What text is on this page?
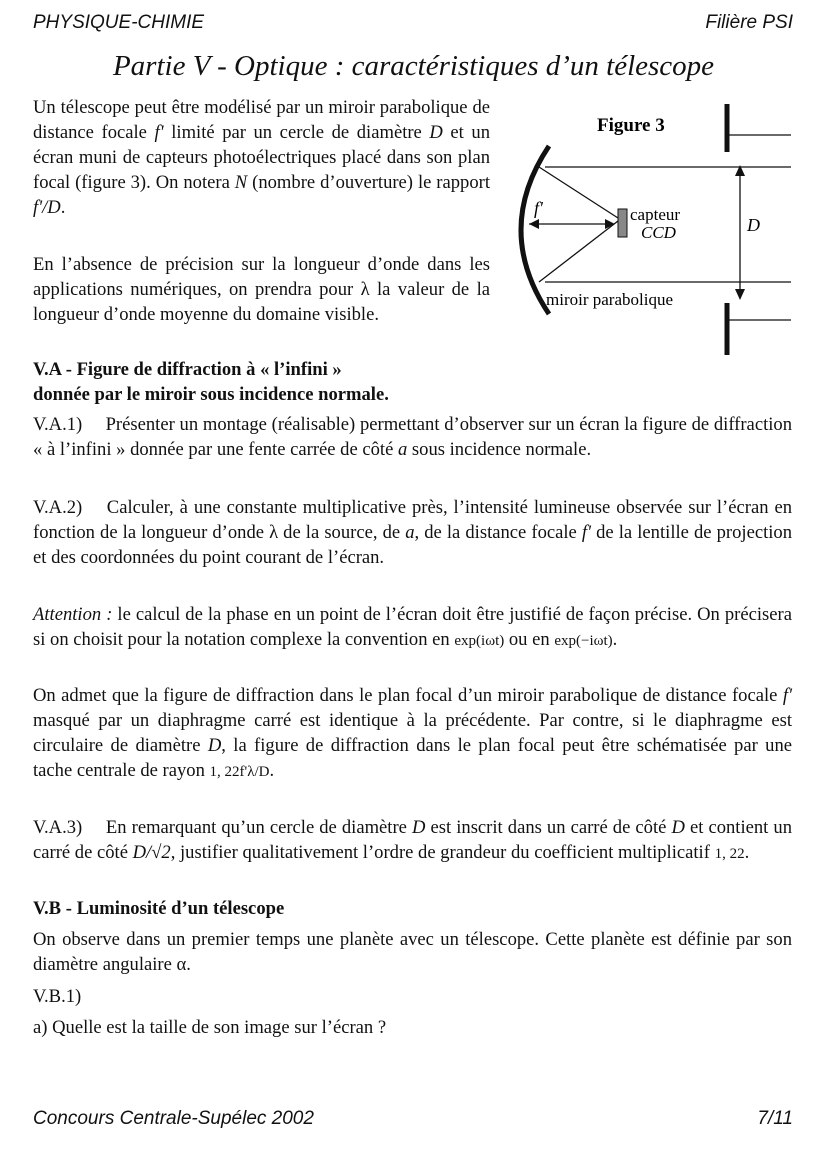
PHYSIQUE-CHIMIE	Filière PSI
Partie V - Optique : caractéristiques d’un télescope

Un télescope peut être modélisé par un miroir parabolique de distance focale f' limité par un cercle de diamètre D et un écran muni de capteurs photoélectriques placé dans son plan focal (figure 3). On notera N (nombre d’ouverture) le rapport f'/D.

En l’absence de précision sur la longueur d’onde dans les applications numériques, on prendra pour λ la valeur de la longueur d’onde moyenne du domaine visible.

Figure 3
f'	capteur
CCD	D
miroir parabolique

V.A - Figure de diffraction à « l’infini »

donnée par le miroir sous incidence normale.

V.A.1)  Présenter un montage (réalisable) permettant d’observer sur un écran la figure de diffraction « à l’infini » donnée par une fente carrée de côté a sous incidence normale.

V.A.2)  Calculer, à une constante multiplicative près, l’intensité lumineuse observée sur l’écran en fonction de la longueur d’onde λ de la source, de a, de la distance focale f' de la lentille de projection et des coordonnées du point courant de l’écran.

Attention : le calcul de la phase en un point de l’écran doit être justifié de façon précise. On précisera si on choisit pour la notation complexe la convention en exp(iωt) ou en exp(−iωt).

On admet que la figure de diffraction dans le plan focal d’un miroir parabolique de distance focale f' masqué par un diaphragme carré est identique à la précédente. Par contre, si le diaphragme est circulaire de diamètre D, la figure de diffraction dans le plan focal peut être schématisée par une tache centrale de rayon 1, 22f'λ/D.

V.A.3)  En remarquant qu’un cercle de diamètre D est inscrit dans un carré de côté D et contient un carré de côté D/√2, justifier qualitativement l’ordre de grandeur du coefficient multiplicatif 1, 22.

V.B - Luminosité d’un télescope

On observe dans un premier temps une planète avec un télescope. Cette planète est définie par son diamètre angulaire α.

V.B.1)

a) Quelle est la taille de son image sur l’écran ?

Concours Centrale-Supélec 2002	7/11
